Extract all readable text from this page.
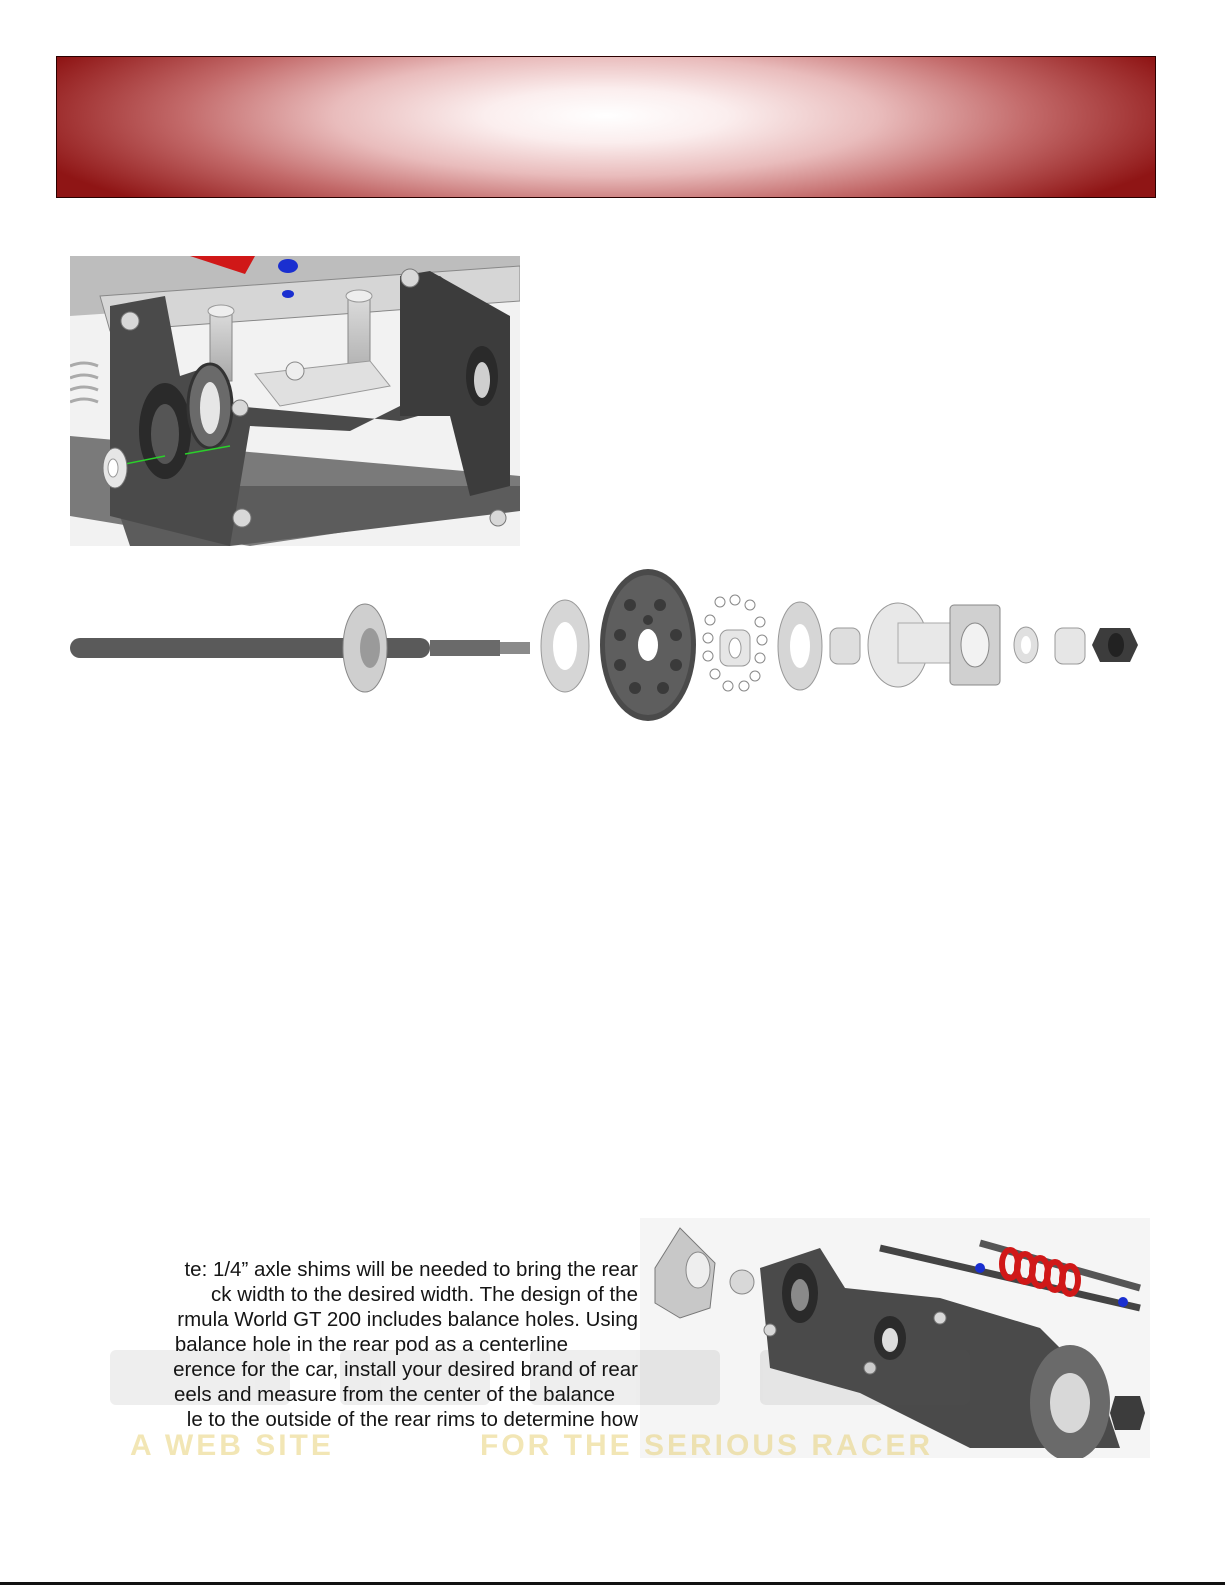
A WEB SITE	FOR THE SERIOUS RACER
te: 1/4” axle shims will be needed to bring the rear
ck width to the desired width. The design of the
rmula World GT 200 includes balance holes. Using
balance hole in the rear pod as a centerline
erence for the car, install your desired brand of rear
eels and measure from the center of the balance
le to the outside of the rear rims to determine how
